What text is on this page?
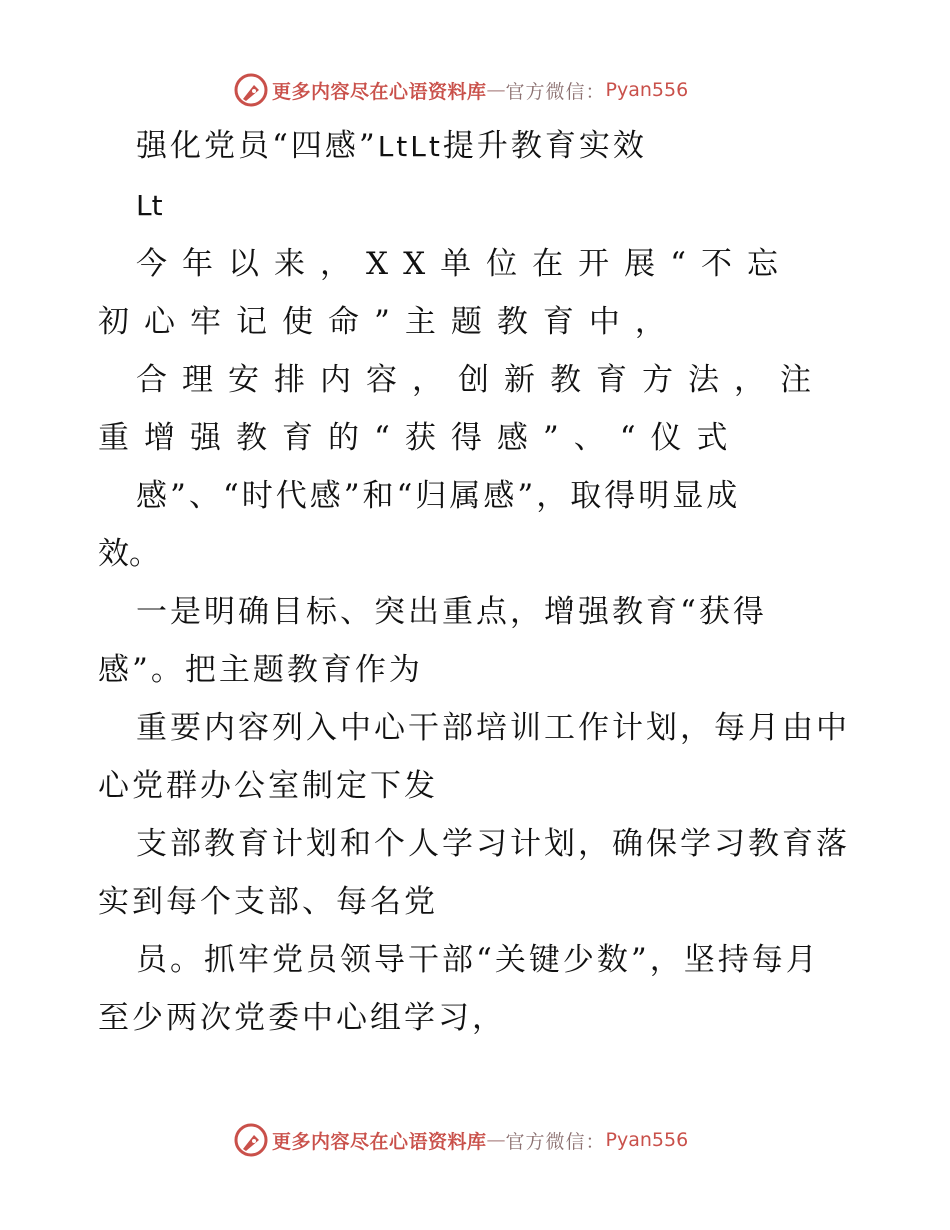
更多内容尽在心语资料库 — 官方微信： Pyan556
强化党员“四感”LtLt提升教育实效
Lt
今年以来，XX单位在开展“不忘
初心牢记使命”主题教育中，
合理安排内容，创新教育方法，注
重增强教育的“获得感”、“仪式
感”、“时代感”和“归属感”，取得明显成
效。
一是明确目标、突出重点，增强教育“获得
感”。把主题教育作为
重要内容列入中心干部培训工作计划，每月由中
心党群办公室制定下发
支部教育计划和个人学习计划，确保学习教育落
实到每个支部、每名党
员。抓牢党员领导干部“关键少数”，坚持每月
至少两次党委中心组学习，
更多内容尽在心语资料库 — 官方微信： Pyan556
